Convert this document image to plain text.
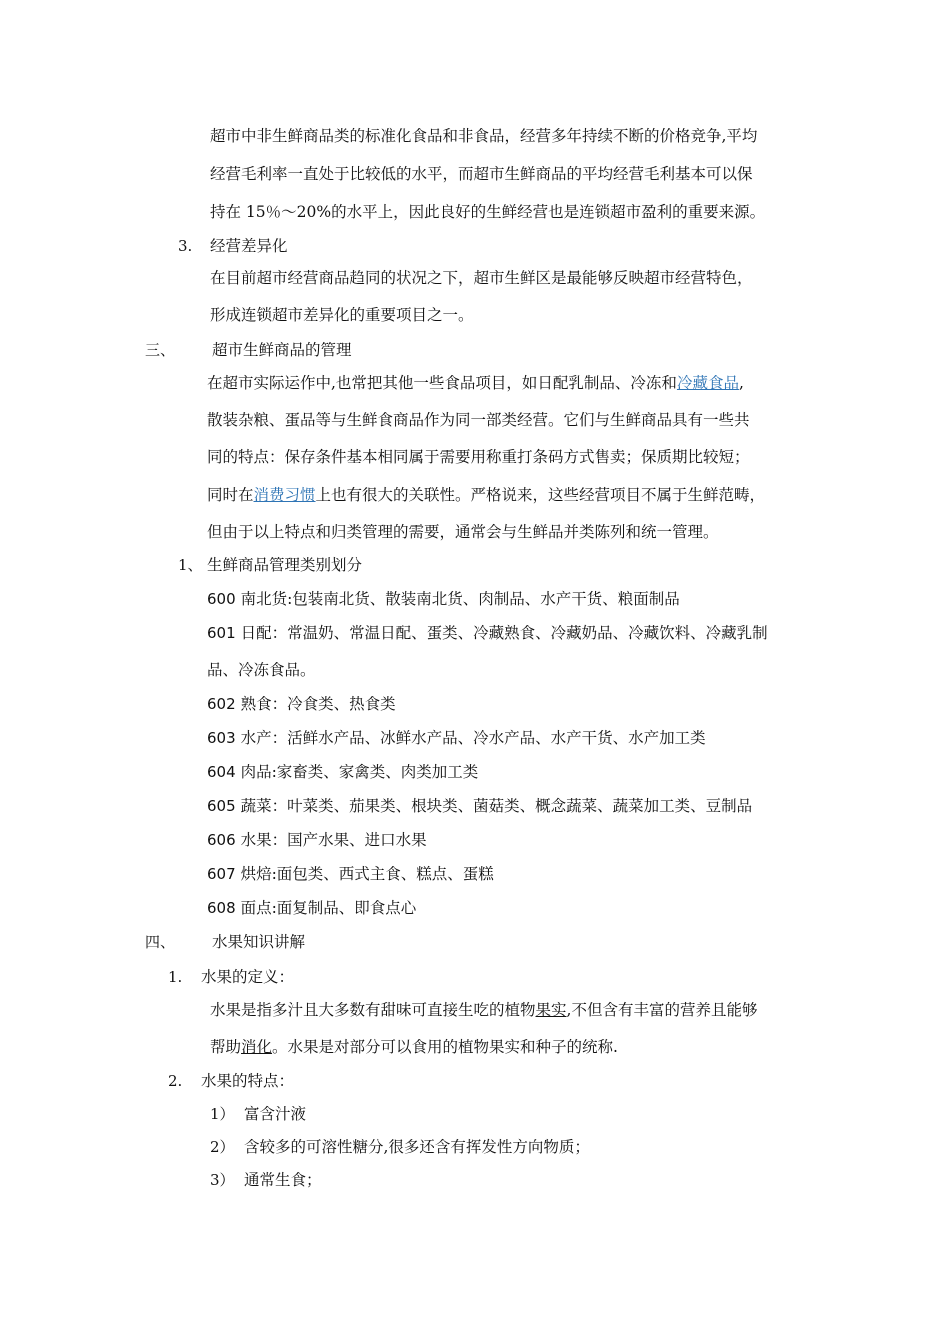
超市中非生鲜商品类的标准化食品和非食品，经营多年持续不断的价格竞争,平均
经营毛利率一直处于比较低的水平，而超市生鲜商品的平均经营毛利基本可以保
持在 15％～20%的水平上，因此良好的生鲜经营也是连锁超市盈利的重要来源。
3. 经营差异化
在目前超市经营商品趋同的状况之下，超市生鲜区是最能够反映超市经营特色，
形成连锁超市差异化的重要项目之一。
三、 超市生鲜商品的管理
在超市实际运作中,也常把其他一些食品项目，如日配乳制品、冷冻和冷藏食品,
散装杂粮、蛋品等与生鲜食商品作为同一部类经营。它们与生鲜商品具有一些共
同的特点：保存条件基本相同属于需要用称重打条码方式售卖；保质期比较短；
同时在消费习惯上也有很大的关联性。严格说来，这些经营项目不属于生鲜范畴，
但由于以上特点和归类管理的需要，通常会与生鲜品并类陈列和统一管理。
1、 生鲜商品管理类别划分
600 南北货:包装南北货、散装南北货、肉制品、水产干货、粮面制品
601 日配：常温奶、常温日配、蛋类、冷藏熟食、冷藏奶品、冷藏饮料、冷藏乳制
品、冷冻食品。
602 熟食：冷食类、热食类
603 水产：活鲜水产品、冰鲜水产品、冷水产品、水产干货、水产加工类
604 肉品:家畜类、家禽类、肉类加工类
605 蔬菜：叶菜类、茄果类、根块类、菌菇类、概念蔬菜、蔬菜加工类、豆制品
606 水果：国产水果、进口水果
607 烘焙:面包类、西式主食、糕点、蛋糕
608 面点:面复制品、即食点心
四、 水果知识讲解
1. 水果的定义：
水果是指多汁且大多数有甜味可直接生吃的植物果实,不但含有丰富的营养且能够
帮助消化。水果是对部分可以食用的植物果实和种子的统称.
2. 水果的特点：
1） 富含汁液
2） 含较多的可溶性糖分,很多还含有挥发性方向物质；
3） 通常生食；
